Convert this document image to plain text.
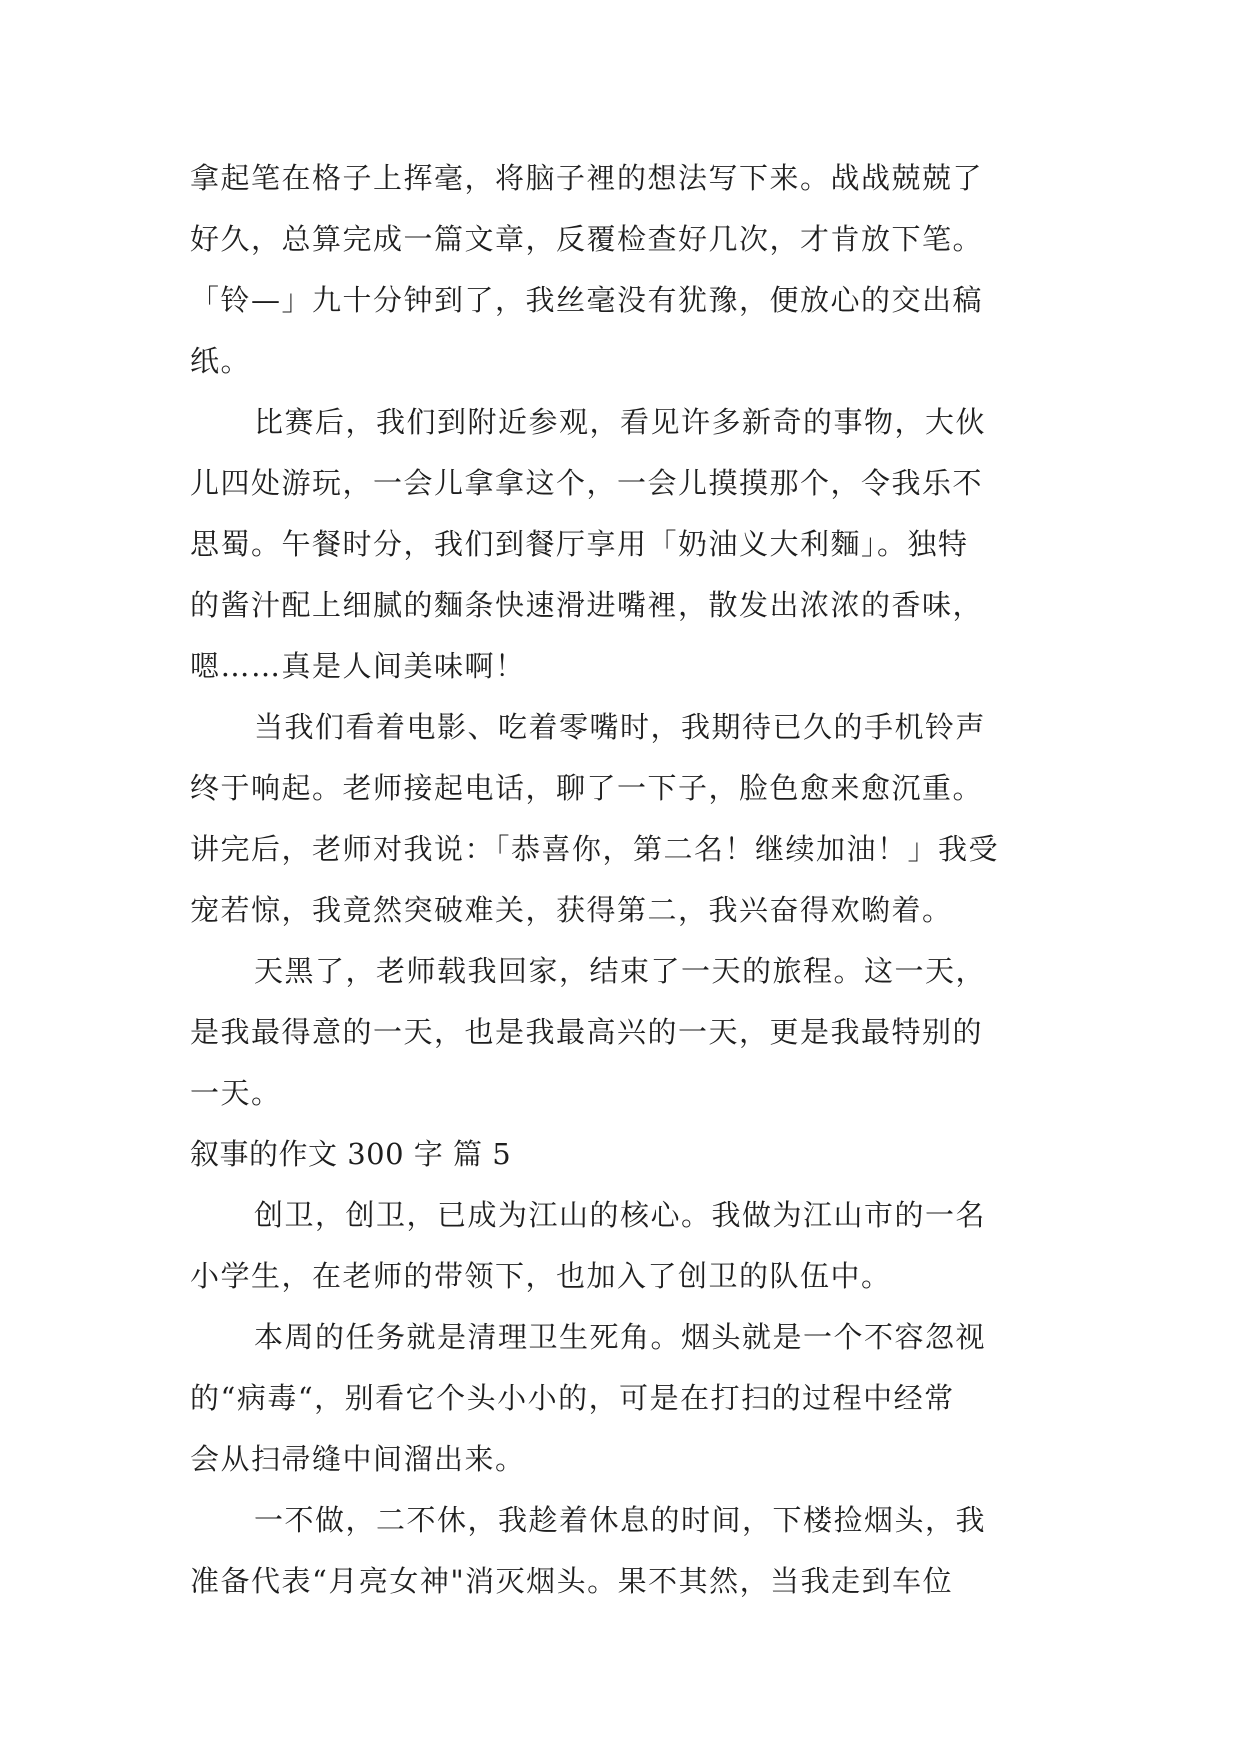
拿起笔在格子上挥毫，将脑子裡的想法写下来。战战兢兢了
好久，总算完成一篇文章，反覆检查好几次，才肯放下笔。
「铃—」九十分钟到了，我丝毫没有犹豫，便放心的交出稿
纸。
比赛后，我们到附近参观，看见许多新奇的事物，大伙
儿四处游玩，一会儿拿拿这个，一会儿摸摸那个，令我乐不
思蜀。午餐时分，我们到餐厅享用「奶油义大利麵」。独特
的酱汁配上细腻的麵条快速滑进嘴裡，散发出浓浓的香味，
嗯……真是人间美味啊！
当我们看着电影、吃着零嘴时，我期待已久的手机铃声
终于响起。老师接起电话，聊了一下子，脸色愈来愈沉重。
讲完后，老师对我说：「恭喜你，第二名！继续加油！」我受
宠若惊，我竟然突破难关，获得第二，我兴奋得欢喲着。
天黑了，老师载我回家，结束了一天的旅程。这一天，
是我最得意的一天，也是我最高兴的一天，更是我最特别的
一天。
叙事的作文 300 字 篇 5
创卫，创卫，已成为江山的核心。我做为江山市的一名
小学生，在老师的带领下，也加入了创卫的队伍中。
本周的任务就是清理卫生死角。烟头就是一个不容忽视
的“病毒“，别看它个头小小的，可是在打扫的过程中经常
会从扫帚缝中间溜出来。
一不做，二不休，我趁着休息的时间，下楼捡烟头，我
准备代表“月亮女神"消灭烟头。果不其然，当我走到车位
